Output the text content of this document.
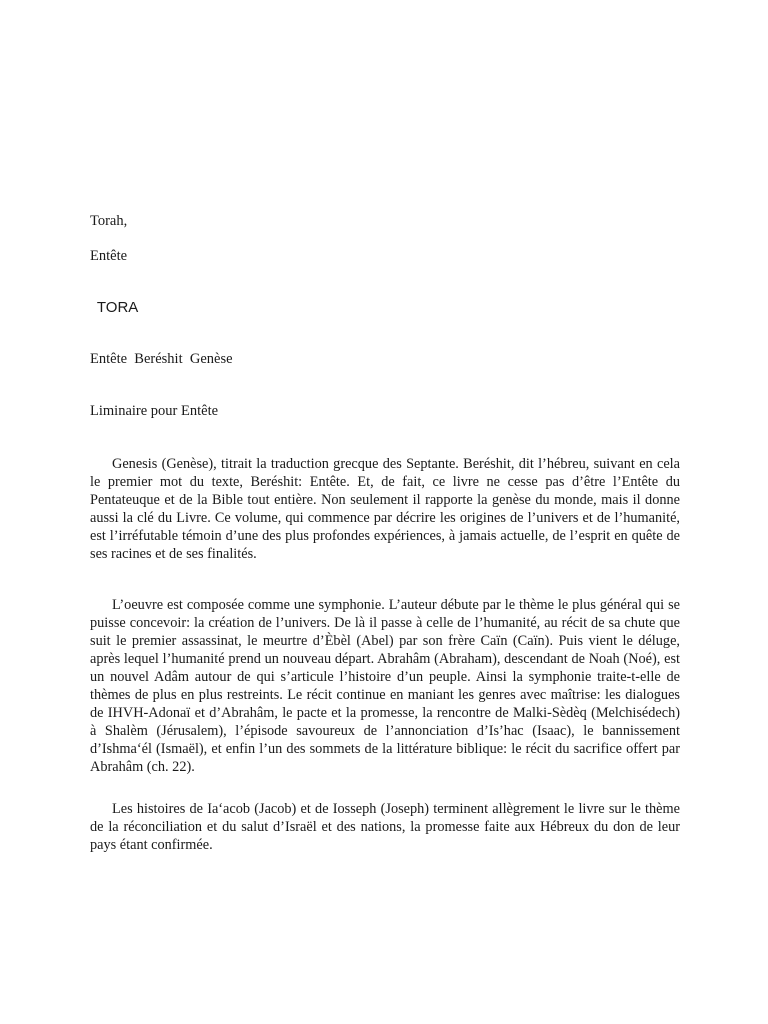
Torah,

Entête

TORA

Entête  Beréshit  Genèse

Liminaire pour Entête

Genesis (Genèse), titrait la traduction grecque des Septante. Beréshit, dit l’hébreu, suivant en cela le premier mot du texte, Beréshit: Entête. Et, de fait, ce livre ne cesse pas d’être l’Entête du Pentateuque et de la Bible tout entière. Non seulement il rapporte la genèse du monde, mais il donne aussi la clé du Livre. Ce volume, qui commence par décrire les origines de l’univers et de l’humanité, est l’irréfutable témoin d’une des plus profondes expériences, à jamais actuelle, de l’esprit en quête de ses racines et de ses finalités.

L’oeuvre est composée comme une symphonie. L’auteur débute par le thème le plus général qui se puisse concevoir: la création de l’univers. De là il passe à celle de l’humanité, au récit de sa chute que suit le premier assassinat, le meurtre d’Èbèl (Abel) par son frère Caïn (Caïn). Puis vient le déluge, après lequel l’humanité prend un nouveau départ. Abrahâm (Abraham), descendant de Noah (Noé), est un nouvel Adâm autour de qui s’articule l’histoire d’un peuple. Ainsi la symphonie traite-t-elle de thèmes de plus en plus restreints. Le récit continue en maniant les genres avec maîtrise: les dialogues de IHVH-Adonaï et d’Abrahâm, le pacte et la promesse, la rencontre de Malki-Sèdèq (Melchisédech) à Shalèm (Jérusalem), l’épisode savoureux de l’annonciation d’Is’hac (Isaac), le bannissement d’Ishma‘él (Ismaël), et enfin l’un des sommets de la littérature biblique: le récit du sacrifice offert par Abrahâm (ch. 22).

Les histoires de Ia‘acob (Jacob) et de Iosseph (Joseph) terminent allègrement le livre sur le thème de la réconciliation et du salut d’Israël et des nations, la promesse faite aux Hébreux du don de leur pays étant confirmée.
